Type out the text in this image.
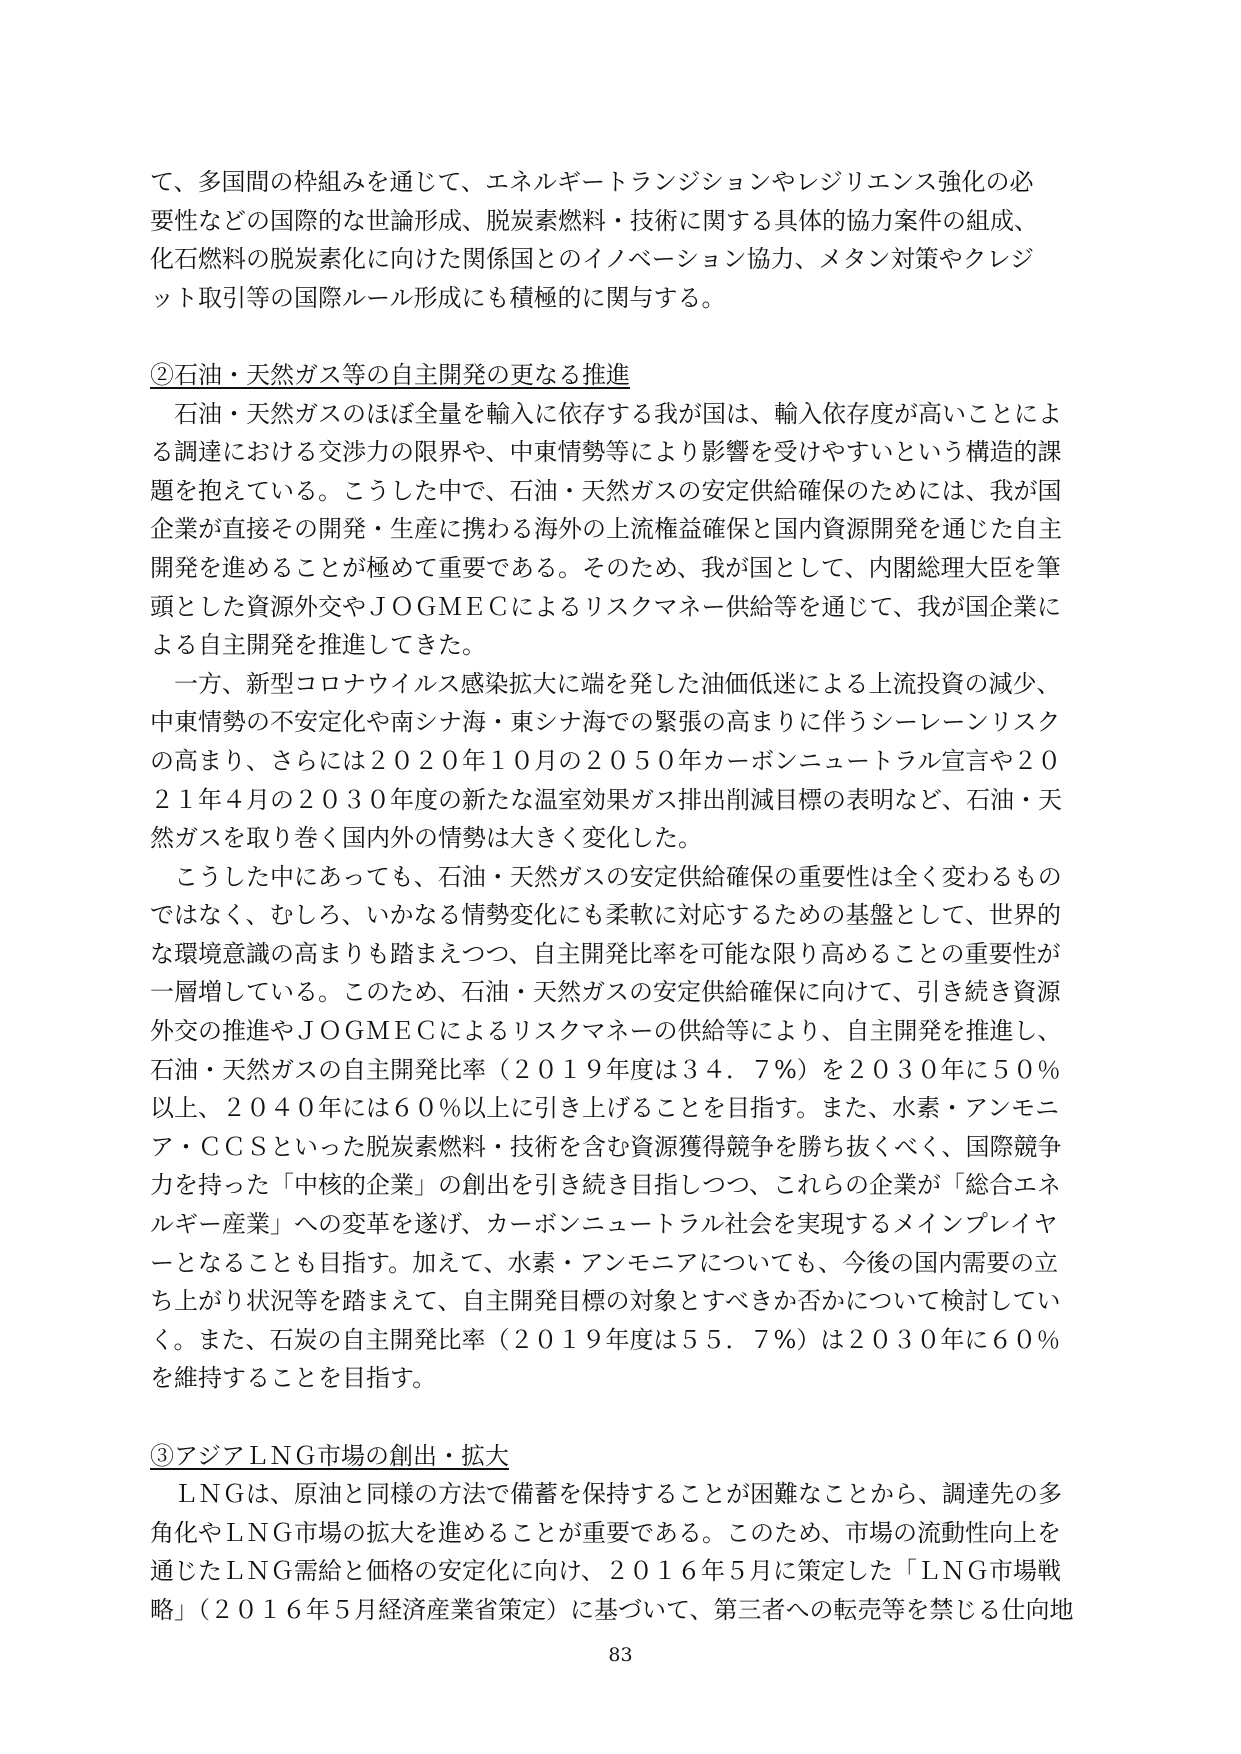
て、多国間の枠組みを通じて、エネルギートランジションやレジリエンス強化の必
要性などの国際的な世論形成、脱炭素燃料・技術に関する具体的協力案件の組成、
化石燃料の脱炭素化に向けた関係国とのイノベーション協力、メタン対策やクレジ
ット取引等の国際ルール形成にも積極的に関与する。
②石油・天然ガス等の自主開発の更なる推進
　石油・天然ガスのほぼ全量を輸入に依存する我が国は、輸入依存度が高いことによ
る調達における交渉力の限界や、中東情勢等により影響を受けやすいという構造的課
題を抱えている。こうした中で、石油・天然ガスの安定供給確保のためには、我が国
企業が直接その開発・生産に携わる海外の上流権益確保と国内資源開発を通じた自主
開発を進めることが極めて重要である。そのため、我が国として、内閣総理大臣を筆
頭とした資源外交やＪＯＧＭＥＣによるリスクマネー供給等を通じて、我が国企業に
よる自主開発を推進してきた。
　一方、新型コロナウイルス感染拡大に端を発した油価低迷による上流投資の減少、
中東情勢の不安定化や南シナ海・東シナ海での緊張の高まりに伴うシーレーンリスク
の高まり、さらには２０２０年１０月の２０５０年カーボンニュートラル宣言や２０
２１年４月の２０３０年度の新たな温室効果ガス排出削減目標の表明など、石油・天
然ガスを取り巻く国内外の情勢は大きく変化した。
　こうした中にあっても、石油・天然ガスの安定供給確保の重要性は全く変わるもの
ではなく、むしろ、いかなる情勢変化にも柔軟に対応するための基盤として、世界的
な環境意識の高まりも踏まえつつ、自主開発比率を可能な限り高めることの重要性が
一層増している。このため、石油・天然ガスの安定供給確保に向けて、引き続き資源
外交の推進やＪＯＧＭＥＣによるリスクマネーの供給等により、自主開発を推進し、
石油・天然ガスの自主開発比率（２０１９年度は３４．７%）を２０３０年に５０％
以上、２０４０年には６０％以上に引き上げることを目指す。また、水素・アンモニ
ア・ＣＣＳといった脱炭素燃料・技術を含む資源獲得競争を勝ち抜くべく、国際競争
力を持った「中核的企業」の創出を引き続き目指しつつ、これらの企業が「総合エネ
ルギー産業」への変革を遂げ、カーボンニュートラル社会を実現するメインプレイヤ
ーとなることも目指す。加えて、水素・アンモニアについても、今後の国内需要の立
ち上がり状況等を踏まえて、自主開発目標の対象とすべきか否かについて検討してい
く。また、石炭の自主開発比率（２０１９年度は５５．７%）は２０３０年に６０％
を維持することを目指す。
③アジアＬＮＧ市場の創出・拡大
　ＬＮＧは、原油と同様の方法で備蓄を保持することが困難なことから、調達先の多
角化やＬＮＧ市場の拡大を進めることが重要である。このため、市場の流動性向上を
通じたＬＮＧ需給と価格の安定化に向け、２０１６年５月に策定した「ＬＮＧ市場戦
略」（２０１６年５月経済産業省策定）に基づいて、第三者への転売等を禁じる仕向地
83
